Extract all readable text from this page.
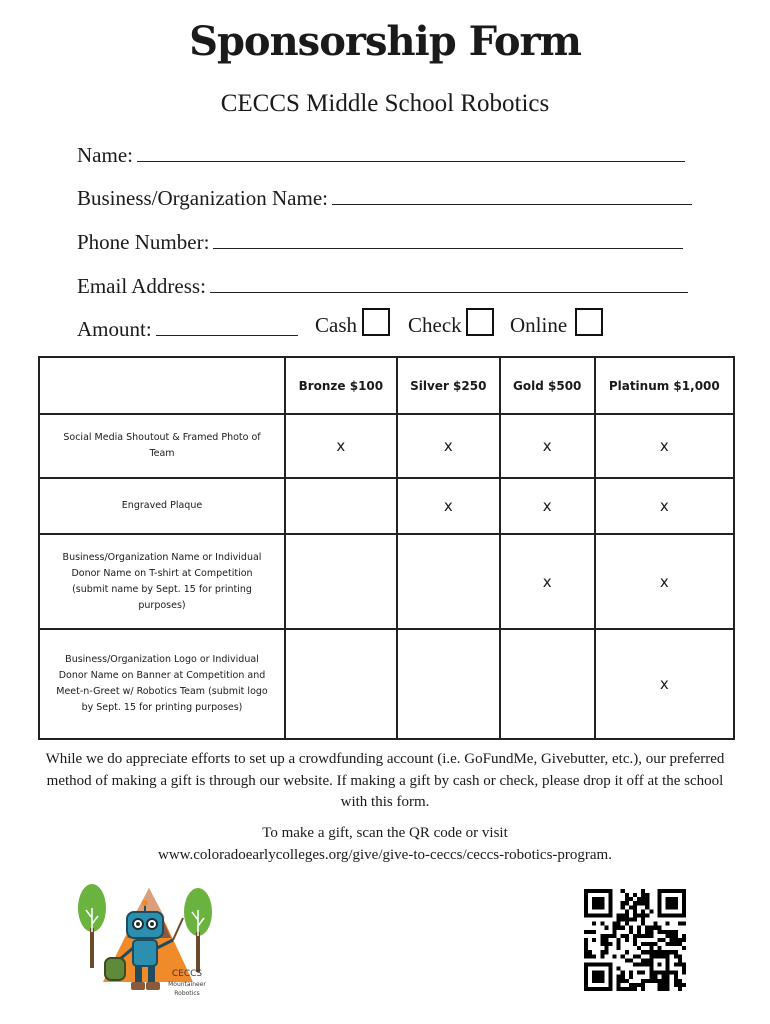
Sponsorship Form
CECCS Middle School Robotics
Name:
Business/Organization Name:
Phone Number:
Email Address:
Amount:	Cash Check Online
	Bronze $100	Silver $250	Gold $500	Platinum $1,000
Social Media Shoutout & Framed Photo of Team	x	x	x	x
Engraved Plaque		x	x	x
Business/Organization Name or Individual Donor Name on T-shirt at Competition (submit name by Sept. 15 for printing purposes)			x	x
Business/Organization Logo or Individual Donor Name on Banner at Competition and Meet-n-Greet w/ Robotics Team (submit logo by Sept. 15 for printing purposes)				x
While we do appreciate efforts to set up a crowdfunding account (i.e. GoFundMe, Givebutter, etc.), our preferred method of making a gift is through our website. If making a gift by cash or check, please drop it off at the school with this form.
To make a gift, scan the QR code or visit
www.coloradoearlycolleges.org/give/give-to-ceccs/ceccs-robotics-program.
CECCS
Mountaineer
Robotics
